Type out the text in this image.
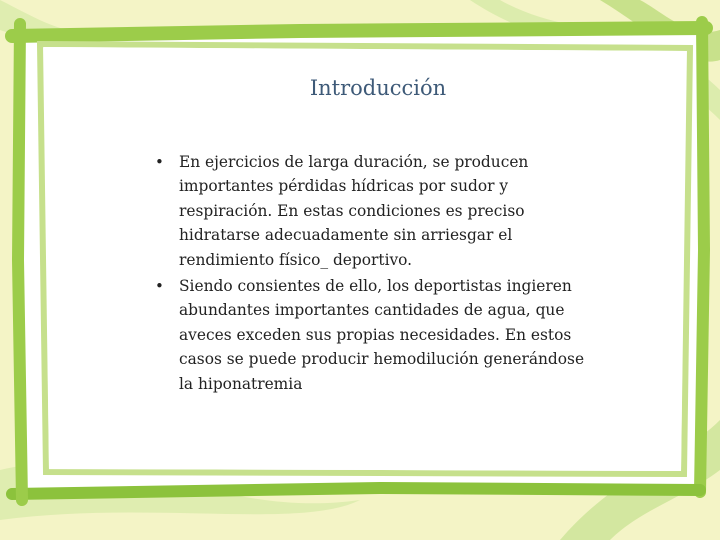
Introducción
• En ejercicios de larga duración, se producen importantes pérdidas hídricas por sudor y respiración. En estas condiciones es preciso hidratarse adecuadamente sin arriesgar el rendimiento físico_ deportivo.
• Siendo consientes de ello, los deportistas ingieren abundantes importantes cantidades de agua, que aveces exceden sus propias necesidades. En estos casos se puede producir hemodilución generándose la hiponatremia
